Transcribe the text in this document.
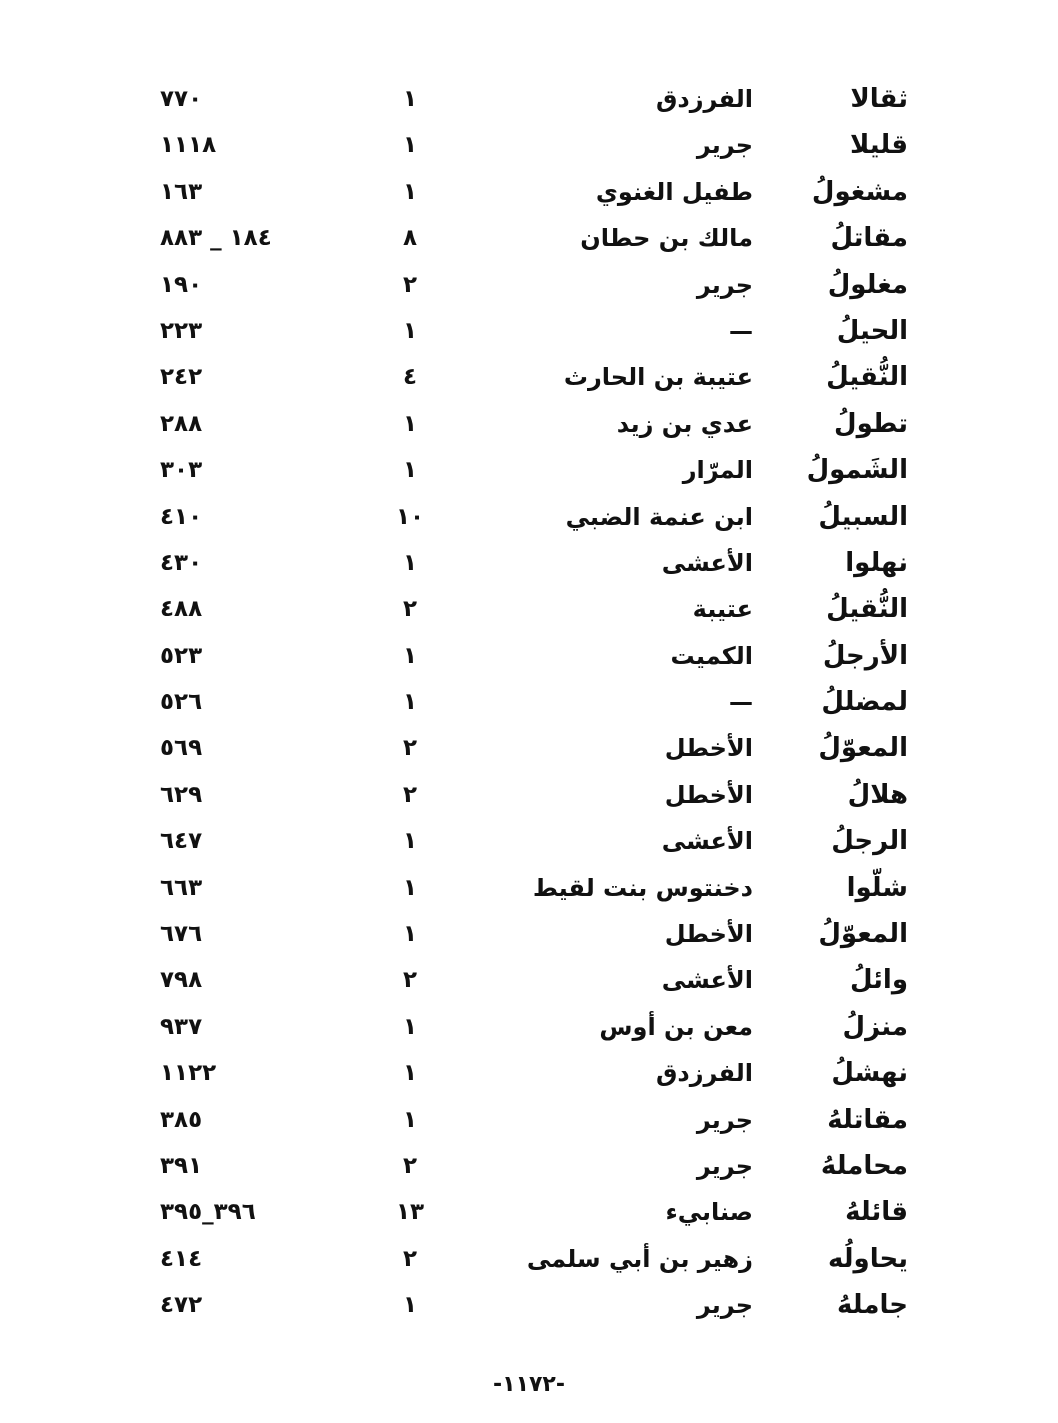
ثقالا
الفرزدق
١
٧٧٠
قليلا
جرير
١
١١١٨
مشغولُ
طفيل الغنوي
١
١٦٣
مقاتلُ
مالك بن حطان
٨
١٨٤ _ ٨٨٣
مغلولُ
جرير
٢
١٩٠
الحيلُ
—
١
٢٢٣
النُّقيلُ
عتيبة بن الحارث
٤
٢٤٢
تطولُ
عدي بن زيد
١
٢٨٨
الشَمولُ
المرّار
١
٣٠٣
السبيلُ
ابن عنمة الضبي
١٠
٤١٠
نهلوا
الأعشى
١
٤٣٠
النُّقيلُ
عتيبة
٢
٤٨٨
الأرجلُ
الكميت
١
٥٢٣
لمضللُ
—
١
٥٢٦
المعوّلُ
الأخطل
٢
٥٦٩
هلالُ
الأخطل
٢
٦٢٩
الرجلُ
الأعشى
١
٦٤٧
شلّوا
دخنتوس بنت لقيط
١
٦٦٣
المعوّلُ
الأخطل
١
٦٧٦
وائلُ
الأعشى
٢
٧٩٨
منزلُ
معن بن أوس
١
٩٣٧
نهشلُ
الفرزدق
١
١١٢٢
مقاتلهُ
جرير
١
٣٨٥
محاملهُ
جرير
٢
٣٩١
قائلهُ
صنابيء
١٣
٣٩٦_٣٩٥
يحاولُه
زهير بن أبي سلمى
٢
٤١٤
جاملهُ
جرير
١
٤٧٢
-١١٧٢-
